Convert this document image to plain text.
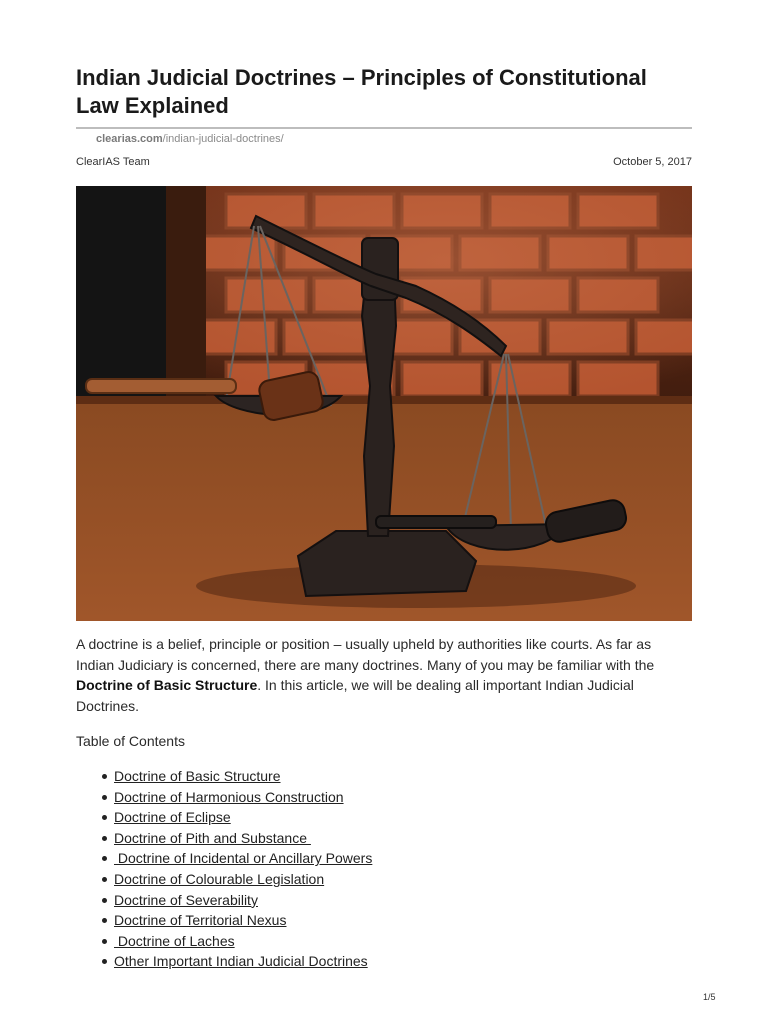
Indian Judicial Doctrines – Principles of Constitutional Law Explained
clearias.com/indian-judicial-doctrines/
ClearIAS Team	October 5, 2017

A doctrine is a belief, principle or position – usually upheld by authorities like courts. As far as Indian Judiciary is concerned, there are many doctrines. Many of you may be familiar with the Doctrine of Basic Structure. In this article, we will be dealing all important Indian Judicial Doctrines.

Table of Contents
Doctrine of Basic Structure
Doctrine of Harmonious Construction
Doctrine of Eclipse
Doctrine of Pith and Substance
Doctrine of Incidental or Ancillary Powers
Doctrine of Colourable Legislation
Doctrine of Severability
Doctrine of Territorial Nexus
Doctrine of Laches
Other Important Indian Judicial Doctrines
1/5
